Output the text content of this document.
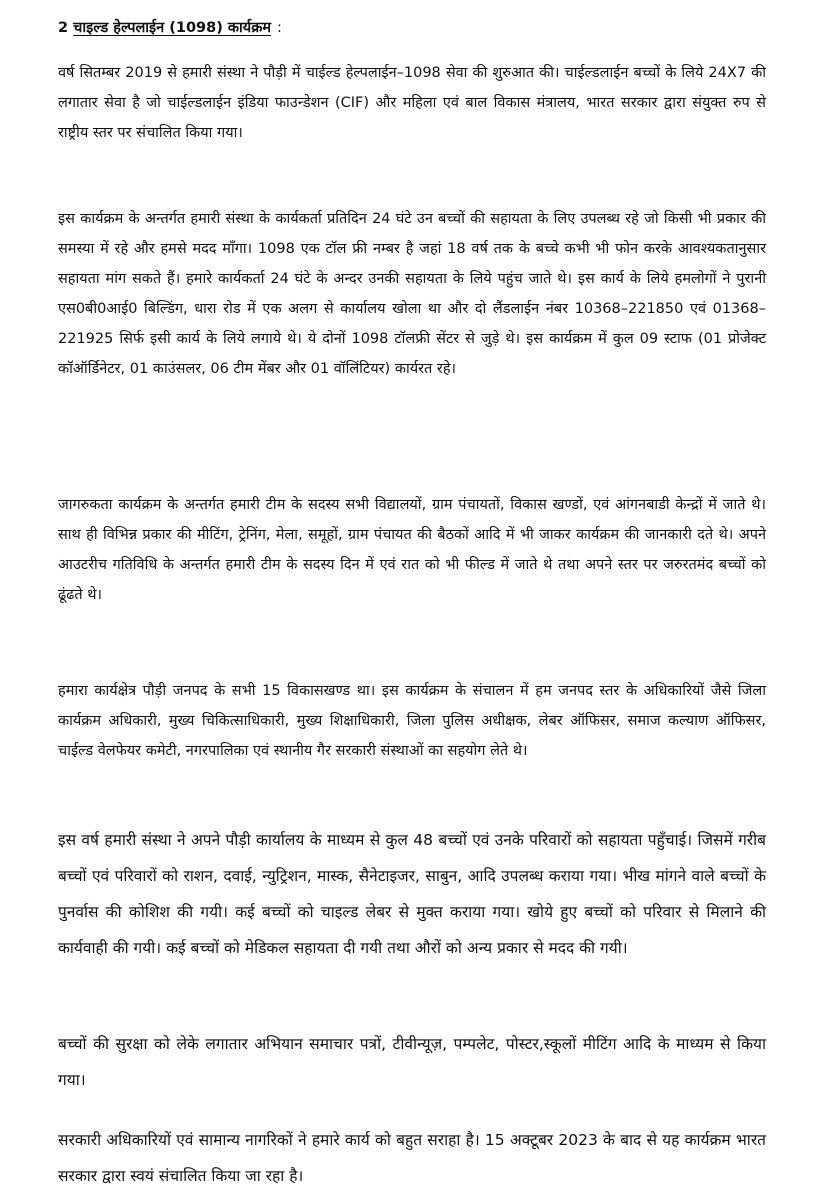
2 चाइल्ड हेल्पलाईन (1098) कार्यक्रम :

वर्ष सितम्बर 2019 से हमारी संस्था ने पौड़ी में चाईल्ड हेल्पलाईन–1098 सेवा की शुरुआत की। चाईल्डलाईन बच्चों के लिये 24X7 की लगातार सेवा है जो चाईल्डलाईन इंडिया फाउन्डेशन (CIF) और महिला एवं बाल विकास मंत्रालय, भारत सरकार द्वारा संयुक्त रुप से राष्ट्रीय स्तर पर संचालित किया गया।

इस कार्यक्रम के अन्तर्गत हमारी संस्था के कार्यकर्ता प्रतिदिन 24 घंटे उन बच्चों की सहायता के लिए उपलब्ध रहे जो किसी भी प्रकार की समस्या में रहे और हमसे मदद माँगा। 1098 एक टॉल फ्री नम्बर है जहां 18 वर्ष तक के बच्चे कभी भी फोन करके आवश्यकतानुसार सहायता मांग सकते हैं। हमारे कार्यकर्ता 24 घंटे के अन्दर उनकी सहायता के लिये पहुंच जाते थे। इस कार्य के लिये हमलोगों ने पुरानी एस0बी0आई0 बिल्डिंग, धारा रोड में एक अलग से कार्यालय खोला था और दो लैंडलाईन नंबर 10368–221850 एवं 01368–221925 सिर्फ इसी कार्य के लिये लगाये थे। ये दोनों 1098 टॉलफ्री सेंटर से जुड़े थे। इस कार्यक्रम में कुल 09 स्टाफ (01 प्रोजेक्ट कॉऑर्डिनेटर, 01 काउंसलर, 06 टीम मेंबर और 01 वॉलिंटियर) कार्यरत रहे।

जागरुकता कार्यक्रम के अन्तर्गत हमारी टीम के सदस्य सभी विद्यालयों, ग्राम पंचायतों, विकास खण्डों, एवं आंगनबाडी केन्द्रों में जाते थे। साथ ही विभिन्न प्रकार की मीटिंग, ट्रेनिंग, मेला, समूहों, ग्राम पंचायत की बैठकों आदि में भी जाकर कार्यक्रम की जानकारी दते थे। अपने आउटरीच गतिविधि के अन्तर्गत हमारी टीम के सदस्य दिन में एवं रात को भी फील्ड में जाते थे तथा अपने स्तर पर जरुरतमंद बच्चों को ढूंढते थे।

हमारा कार्यक्षेत्र पौड़ी जनपद के सभी 15 विकासखण्ड था। इस कार्यक्रम के संचालन में हम जनपद स्तर के अधिकारियों जैसे जिला कार्यक्रम अधिकारी, मुख्य चिकित्साधिकारी, मुख्य शिक्षाधिकारी, जिला पुलिस अधीक्षक, लेबर ऑफिसर, समाज कल्याण ऑफिसर, चाईल्ड वेलफेयर कमेटी, नगरपालिका एवं स्थानीय गैर सरकारी संस्थाओं का सहयोग लेते थे।

इस वर्ष हमारी संस्था ने अपने पौड़ी कार्यालय के माध्यम से कुल 48 बच्चों एवं उनके परिवारों को सहायता पहुँचाई। जिसमें गरीब बच्चों एवं परिवारों को राशन, दवाई, न्युट्रिशन, मास्क, सैनेटाइजर, साबुन, आदि उपलब्ध कराया गया। भीख मांगने वाले बच्चों के पुनर्वास की कोशिश की गयी। कई बच्चों को चाइल्ड लेबर से मुक्त कराया गया। खोये हुए बच्चों को परिवार से मिलाने की कार्यवाही की गयी। कई बच्चों को मेडिकल सहायता दी गयी तथा औरों को अन्य प्रकार से मदद की गयी।

बच्चों की सुरक्षा को लेके लगातार अभियान समाचार पत्रों, टीवीन्यूज़, पम्पलेट, पोस्टर,स्कूलों मीटिंग आदि के माध्यम से किया गया।

सरकारी अधिकारियों एवं सामान्य नागरिकों ने हमारे कार्य को बहुत सराहा है। 15 अक्टूबर 2023 के बाद से यह कार्यक्रम भारत सरकार द्वारा स्वयं संचालित किया जा रहा है।
